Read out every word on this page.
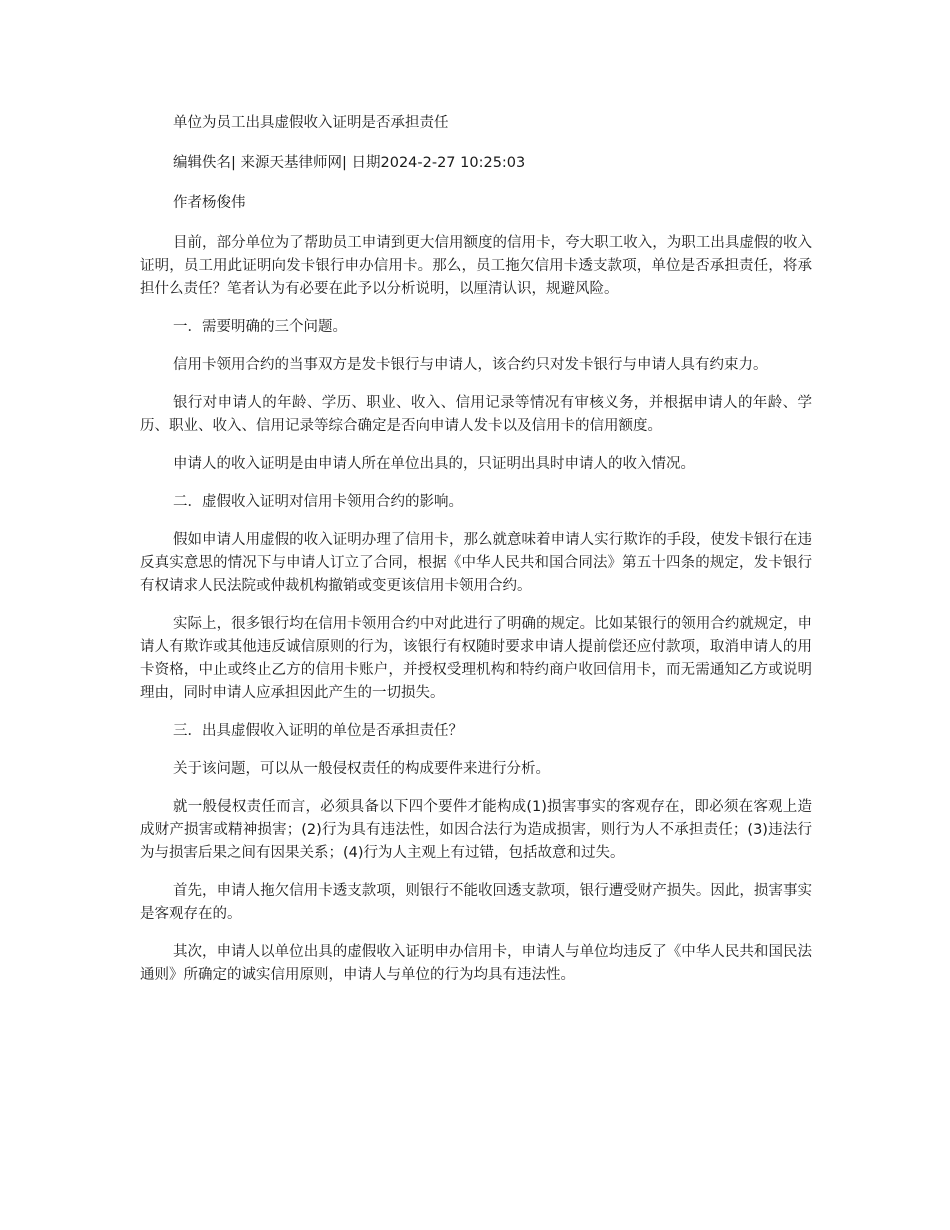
单位为员工出具虚假收入证明是否承担责任

编辑佚名| 来源天基律师网| 日期2024-2-27 10:25:03

作者杨俊伟

目前，部分单位为了帮助员工申请到更大信用额度的信用卡，夸大职工收入，为职工出具虚假的收入证明，员工用此证明向发卡银行申办信用卡。那么，员工拖欠信用卡透支款项，单位是否承担责任，将承担什么责任？笔者认为有必要在此予以分析说明，以厘清认识，规避风险。

一．需要明确的三个问题。

信用卡领用合约的当事双方是发卡银行与申请人，该合约只对发卡银行与申请人具有约束力。

银行对申请人的年龄、学历、职业、收入、信用记录等情况有审核义务，并根据申请人的年龄、学历、职业、收入、信用记录等综合确定是否向申请人发卡以及信用卡的信用额度。

申请人的收入证明是由申请人所在单位出具的，只证明出具时申请人的收入情况。

二．虚假收入证明对信用卡领用合约的影响。

假如申请人用虚假的收入证明办理了信用卡，那么就意味着申请人实行欺诈的手段，使发卡银行在违反真实意思的情况下与申请人订立了合同，根据《中华人民共和国合同法》第五十四条的规定，发卡银行有权请求人民法院或仲裁机构撤销或变更该信用卡领用合约。

实际上，很多银行均在信用卡领用合约中对此进行了明确的规定。比如某银行的领用合约就规定，申请人有欺诈或其他违反诚信原则的行为，该银行有权随时要求申请人提前偿还应付款项，取消申请人的用卡资格，中止或终止乙方的信用卡账户，并授权受理机构和特约商户收回信用卡，而无需通知乙方或说明理由，同时申请人应承担因此产生的一切损失。

三．出具虚假收入证明的单位是否承担责任？

关于该问题，可以从一般侵权责任的构成要件来进行分析。

就一般侵权责任而言，必须具备以下四个要件才能构成(1)损害事实的客观存在，即必须在客观上造成财产损害或精神损害；(2)行为具有违法性，如因合法行为造成损害，则行为人不承担责任；(3)违法行为与损害后果之间有因果关系；(4)行为人主观上有过错，包括故意和过失。

首先，申请人拖欠信用卡透支款项，则银行不能收回透支款项，银行遭受财产损失。因此，损害事实是客观存在的。

其次，申请人以单位出具的虚假收入证明申办信用卡，申请人与单位均违反了《中华人民共和国民法通则》所确定的诚实信用原则，申请人与单位的行为均具有违法性。
